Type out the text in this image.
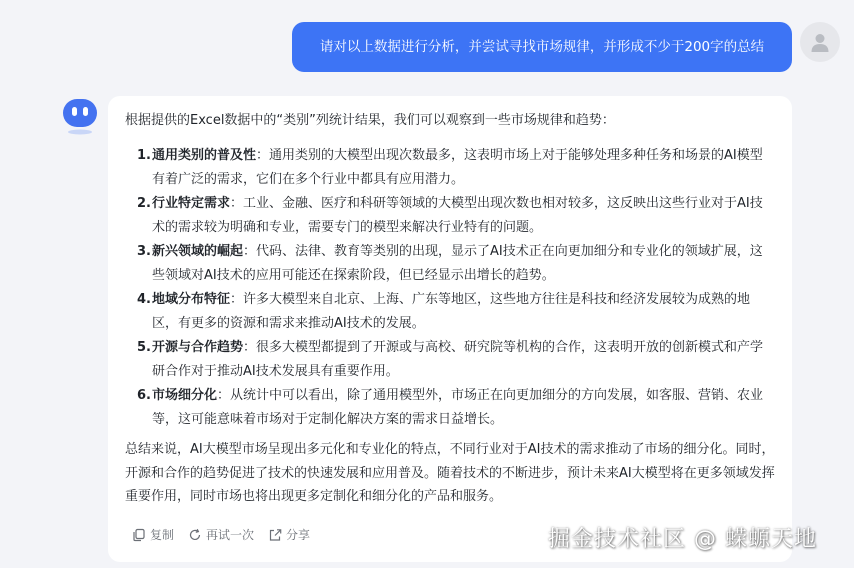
请对以上数据进行分析，并尝试寻找市场规律，并形成不少于200字的总结

根据提供的Excel数据中的“类别”列统计结果，我们可以观察到一些市场规律和趋势：

1. 通用类别的普及性：通用类别的大模型出现次数最多，这表明市场上对于能够处理多种任务和场景的AI模型有着广泛的需求，它们在多个行业中都具有应用潜力。
2. 行业特定需求：工业、金融、医疗和科研等领域的大模型出现次数也相对较多，这反映出这些行业对于AI技术的需求较为明确和专业，需要专门的模型来解决行业特有的问题。
3. 新兴领域的崛起：代码、法律、教育等类别的出现，显示了AI技术正在向更加细分和专业化的领域扩展，这些领域对AI技术的应用可能还在探索阶段，但已经显示出增长的趋势。
4. 地域分布特征：许多大模型来自北京、上海、广东等地区，这些地方往往是科技和经济发展较为成熟的地区，有更多的资源和需求来推动AI技术的发展。
5. 开源与合作趋势：很多大模型都提到了开源或与高校、研究院等机构的合作，这表明开放的创新模式和产学研合作对于推动AI技术发展具有重要作用。
6. 市场细分化：从统计中可以看出，除了通用模型外，市场正在向更加细分的方向发展，如客服、营销、农业等，这可能意味着市场对于定制化解决方案的需求日益增长。

总结来说，AI大模型市场呈现出多元化和专业化的特点，不同行业对于AI技术的需求推动了市场的细分化。同时，开源和合作的趋势促进了技术的快速发展和应用普及。随着技术的不断进步，预计未来AI大模型将在更多领域发挥重要作用，同时市场也将出现更多定制化和细分化的产品和服务。

复制	再试一次	分享	掘金技术社区 @ 蝾螈天地
